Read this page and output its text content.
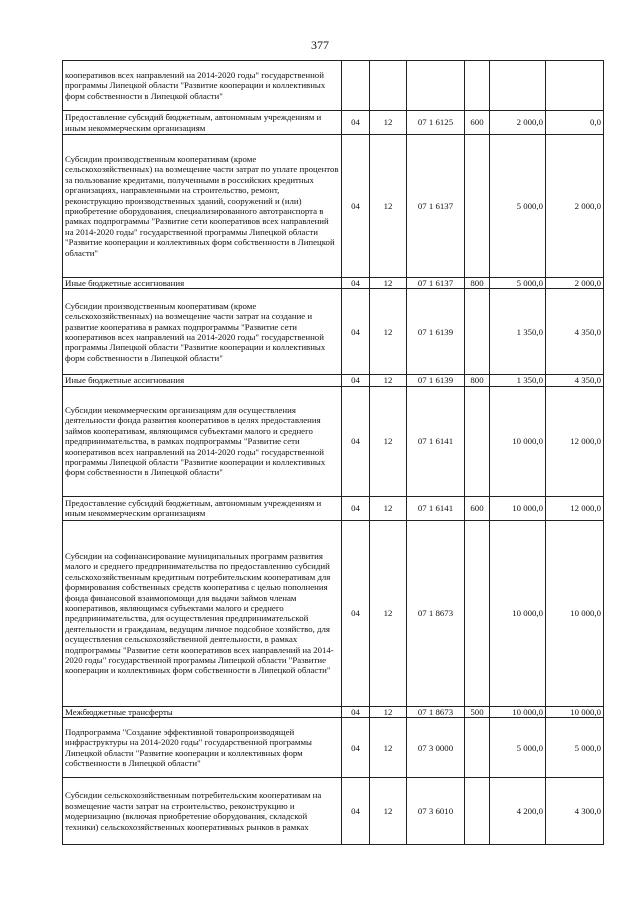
377
кооперативов всех направлений на 2014-2020 годы" государственной программы Липецкой области "Развитие кооперации и коллективных форм собственности в Липецкой области"						
Предоставление субсидий бюджетным, автономным учреждениям и иным некоммерческим организациям	04	12	07 1 6125	600	2 000,0	0,0
Субсидии производственным кооперативам (кроме сельскохозяйственных) на возмещение части затрат по уплате процентов за пользование кредитами, полученными в российских кредитных организациях, направленными на строительство, ремонт, реконструкцию производственных зданий, сооружений и (или) приобретение оборудования, специализированного автотранспорта в рамках подпрограммы "Развитие сети кооперативов всех направлений на 2014-2020 годы" государственной программы Липецкой области "Развитие кооперации и коллективных форм собственности в Липецкой области"	04	12	07 1 6137		5 000,0	2 000,0
Иные бюджетные ассигнования	04	12	07 1 6137	800	5 000,0	2 000,0
Субсидии производственным кооперативам (кроме сельскохозяйственных) на возмещение части затрат на создание и развитие кооператива в рамках подпрограммы "Развитие сети кооперативов всех направлений на 2014-2020 годы" государственной программы Липецкой области "Развитие кооперации и коллективных форм собственности в Липецкой области"	04	12	07 1 6139		1 350,0	4 350,0
Иные бюджетные ассигнования	04	12	07 1 6139	800	1 350,0	4 350,0
Субсидии некоммерческим организациям для осуществления деятельности фонда развития кооперативов в целях предоставления займов кооперативам, являющимся субъектами малого и среднего предпринимательства, в рамках подпрограммы "Развитие сети кооперативов всех направлений на 2014-2020 годы" государственной программы Липецкой области "Развитие кооперации и коллективных форм собственности в Липецкой области"	04	12	07 1 6141		10 000,0	12 000,0
Предоставление субсидий бюджетным, автономным учреждениям и иным некоммерческим организациям	04	12	07 1 6141	600	10 000,0	12 000,0
Субсидии на софинансирование муниципальных программ развития малого и среднего предпринимательства по предоставлению субсидий сельскохозяйственным кредитным потребительским кооперативам для формирования собственных средств кооператива с целью пополнения фонда финансовой взаимопомощи для выдачи займов членам кооперативов, являющимся субъектами малого и среднего предпринимательства, для осуществления предпринимательской деятельности и гражданам, ведущим личное подсобное хозяйство, для осуществления сельскохозяйственной деятельности, в рамках подпрограммы "Развитие сети кооперативов всех направлений на 2014-2020 годы" государственной программы Липецкой области "Развитие кооперации и коллективных форм собственности в Липецкой области"	04	12	07 1 8673		10 000,0	10 000,0
Межбюджетные трансферты	04	12	07 1 8673	500	10 000,0	10 000,0
Подпрограмма "Создание эффективной товаропроизводящей инфраструктуры на 2014-2020 годы" государственной программы Липецкой области "Развитие кооперации и коллективных форм собственности в Липецкой области"	04	12	07 3 0000		5 000,0	5 000,0
Субсидии сельскохозяйственным потребительским кооперативам на возмещение части затрат на строительство, реконструкцию и модернизацию (включая приобретение оборудования, складской техники) сельскохозяйственных кооперативных рынков в рамках	04	12	07 3 6010		4 200,0	4 300,0
